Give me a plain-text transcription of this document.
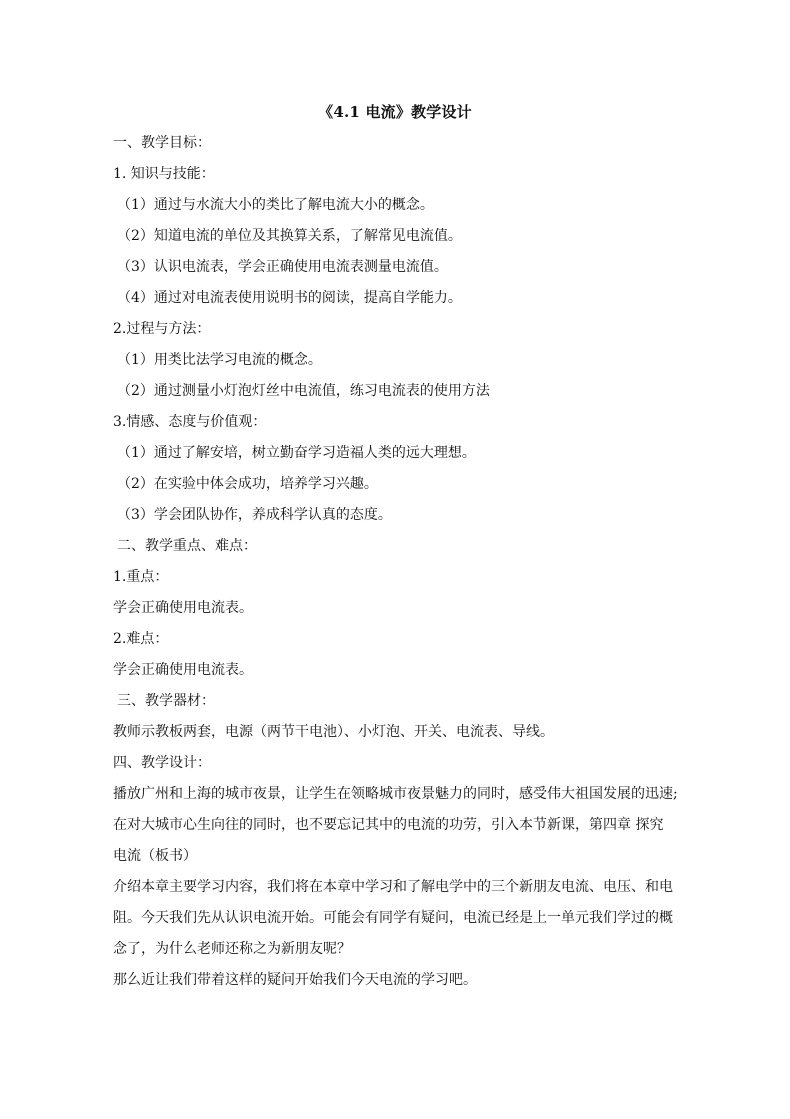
《4.1 电流》教学设计
一、教学目标：
1. 知识与技能：
（1）通过与水流大小的类比了解电流大小的概念。
（2）知道电流的单位及其换算关系，了解常见电流值。
（3）认识电流表，学会正确使用电流表测量电流值。
（4）通过对电流表使用说明书的阅读，提高自学能力。
2.过程与方法：
（1）用类比法学习电流的概念。
（2）通过测量小灯泡灯丝中电流值，练习电流表的使用方法
3.情感、态度与价值观：
（1）通过了解安培，树立勤奋学习造福人类的远大理想。
（2）在实验中体会成功，培养学习兴趣。
（3）学会团队协作，养成科学认真的态度。
二、教学重点、难点：
1.重点：
学会正确使用电流表。
2.难点：
学会正确使用电流表。
三、教学器材：
教师示教板两套，电源（两节干电池）、小灯泡、开关、电流表、导线。
四、教学设计：
播放广州和上海的城市夜景，让学生在领略城市夜景魅力的同时，感受伟大祖国发展的迅速;
在对大城市心生向往的同时，也不要忘记其中的电流的功劳，引入本节新课，第四章 探究
电流（板书）
介绍本章主要学习内容，我们将在本章中学习和了解电学中的三个新朋友电流、电压、和电
阻。今天我们先从认识电流开始。可能会有同学有疑问，电流已经是上一单元我们学过的概
念了，为什么老师还称之为新朋友呢？
那么近让我们带着这样的疑问开始我们今天电流的学习吧。
